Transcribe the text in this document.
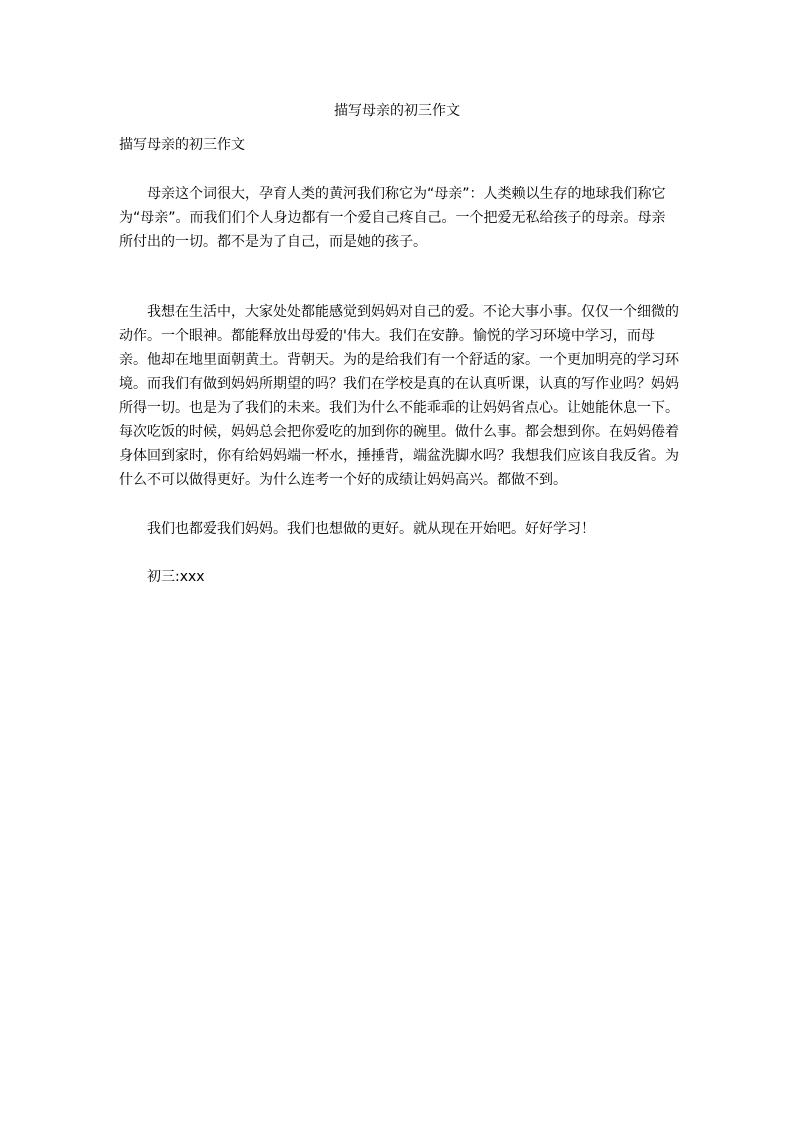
描写母亲的初三作文
描写母亲的初三作文

母亲这个词很大，孕育人类的黄河我们称它为“母亲”：人类赖以生存的地球我们称它为“母亲”。而我们们个人身边都有一个爱自己疼自己。一个把爱无私给孩子的母亲。母亲所付出的一切。都不是为了自己，而是她的孩子。

我想在生活中，大家处处都能感觉到妈妈对自己的爱。不论大事小事。仅仅一个细微的动作。一个眼神。都能释放出母爱的'伟大。我们在安静。愉悦的学习环境中学习，而母亲。他却在地里面朝黄土。背朝天。为的是给我们有一个舒适的家。一个更加明亮的学习环境。而我们有做到妈妈所期望的吗？我们在学校是真的在认真听课，认真的写作业吗？妈妈所得一切。也是为了我们的未来。我们为什么不能乖乖的让妈妈省点心。让她能休息一下。每次吃饭的时候，妈妈总会把你爱吃的加到你的碗里。做什么事。都会想到你。在妈妈倦着身体回到家时，你有给妈妈端一杯水，捶捶背，端盆洗脚水吗？我想我们应该自我反省。为什么不可以做得更好。为什么连考一个好的成绩让妈妈高兴。都做不到。

我们也都爱我们妈妈。我们也想做的更好。就从现在开始吧。好好学习！

初三:xxx
